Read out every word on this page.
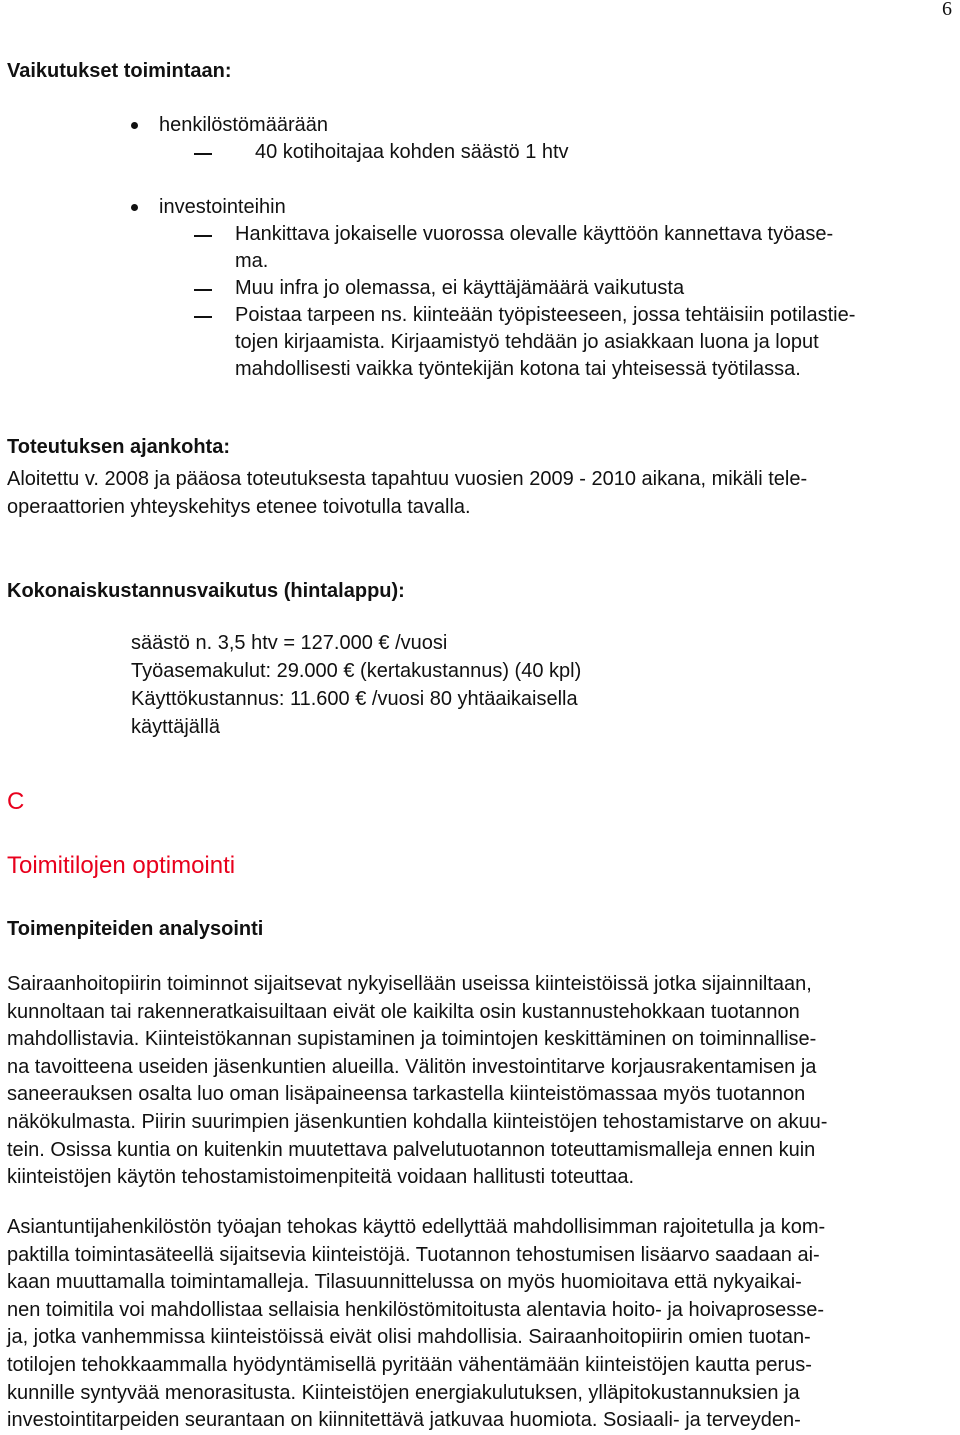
6
Vaikutukset toimintaan:
henkilöstömäärään
40 kotihoitajaa kohden säästö 1 htv
investointeihin
Hankittava jokaiselle vuorossa olevalle käyttöön kannettava työase-
ma.
Muu infra jo olemassa, ei käyttäjämäärä vaikutusta
Poistaa tarpeen ns. kiinteään työpisteeseen, jossa tehtäisiin potilastie-
tojen kirjaamista. Kirjaamistyö tehdään jo asiakkaan luona ja loput
mahdollisesti vaikka työntekijän kotona tai yhteisessä työtilassa.
Toteutuksen ajankohta:
Aloitettu v. 2008 ja pääosa toteutuksesta tapahtuu vuosien 2009 - 2010 aikana, mikäli tele-
operaattorien yhteyskehitys etenee toivotulla tavalla.
Kokonaiskustannusvaikutus (hintalappu):
säästö n. 3,5 htv = 127.000 € /vuosi
Työasemakulut: 29.000 € (kertakustannus) (40 kpl)
Käyttökustannus: 11.600 € /vuosi 80 yhtäaikaisella
käyttäjällä
C
Toimitilojen optimointi
Toimenpiteiden analysointi
Sairaanhoitopiirin toiminnot sijaitsevat nykyisellään useissa kiinteistöissä jotka sijainniltaan,
kunnoltaan tai rakenneratkaisuiltaan eivät ole kaikilta osin kustannustehokkaan tuotannon
mahdollistavia. Kiinteistökannan supistaminen ja toimintojen keskittäminen on toiminnallise-
na tavoitteena useiden jäsenkuntien alueilla. Välitön investointitarve korjausrakentamisen ja
saneerauksen osalta luo oman lisäpaineensa tarkastella kiinteistömassaa myös tuotannon
näkökulmasta. Piirin suurimpien jäsenkuntien kohdalla kiinteistöjen tehostamistarve on akuu-
tein. Osissa kuntia on kuitenkin muutettava palvelutuotannon toteuttamismalleja ennen kuin
kiinteistöjen käytön tehostamistoimenpiteitä voidaan hallitusti toteuttaa.
Asiantuntijahenkilöstön työajan tehokas käyttö edellyttää mahdollisimman rajoitetulla ja kom-
paktilla toimintasäteellä sijaitsevia kiinteistöjä. Tuotannon tehostumisen lisäarvo saadaan ai-
kaan muuttamalla toimintamalleja. Tilasuunnittelussa on myös huomioitava että nykyaikai-
nen toimitila voi mahdollistaa sellaisia henkilöstömitoitusta alentavia hoito- ja hoivaprosesse-
ja, jotka vanhemmissa kiinteistöissä eivät olisi mahdollisia. Sairaanhoitopiirin omien tuotan-
totilojen tehokkaammalla hyödyntämisellä pyritään vähentämään kiinteistöjen kautta perus-
kunnille syntyvää menorasitusta. Kiinteistöjen energiakulutuksen, ylläpitokustannuksien ja
investointitarpeiden seurantaan on kiinnitettävä jatkuvaa huomiota. Sosiaali- ja terveyden-
